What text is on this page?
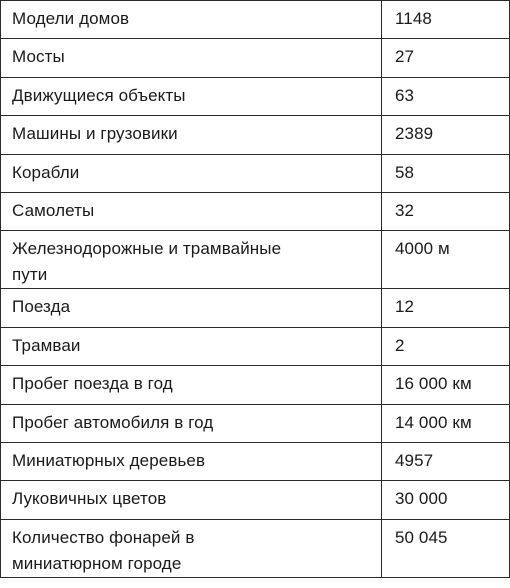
Модели домов	1148
Мосты	27
Движущиеся объекты	63
Машины и грузовики	2389
Корабли	58
Самолеты	32
Железнодорожные и трамвайные пути	4000 м
Поезда	12
Трамваи	2
Пробег поезда в год	16 000 км
Пробег автомобиля в год	14 000 км
Миниатюрных деревьев	4957
Луковичных цветов	30 000
Количество фонарей в миниатюрном городе	50 045
